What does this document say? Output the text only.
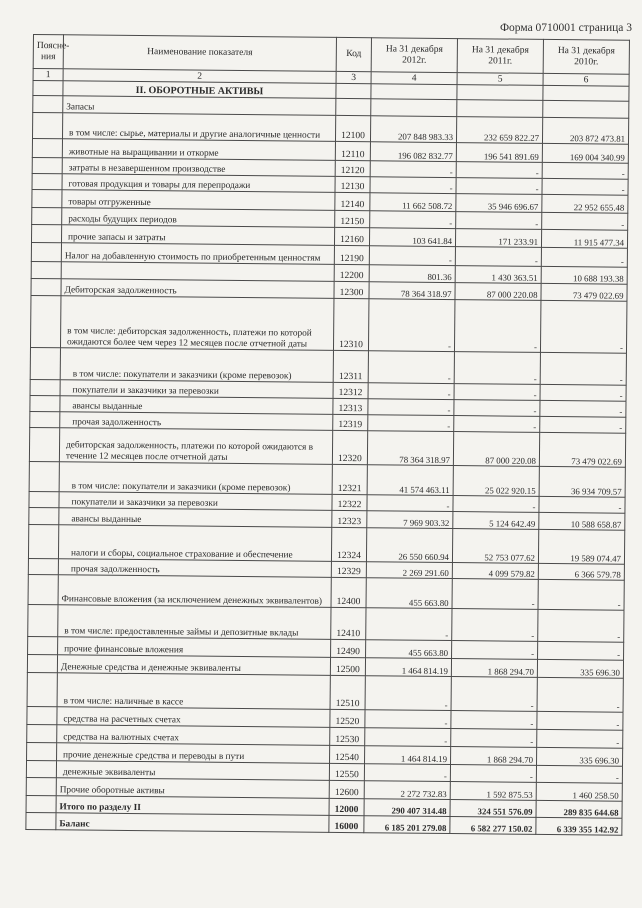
Форма 0710001 страница 3
Поясне-ния	Наименование показателя	Код	На 31 декабря 2012г.	На 31 декабря 2011г.	На 31 декабря 2010г.
1	2	3	4	5	6
	II. ОБОРОТНЫЕ АКТИВЫ				
	Запасы				
	в том числе: сырье, материалы и другие аналогичные ценности	12100	207 848 983.33	232 659 822.27	203 872 473.81
	животные на выращивании и откорме	12110	196 082 832.77	196 541 891.69	169 004 340.99
	затраты в незавершенном производстве	12120	-	-	-
	готовая продукция и товары для перепродажи	12130	-	-	-
	товары отгруженные	12140	11 662 508.72	35 946 696.67	22 952 655.48
	расходы будущих периодов	12150	-	-	-
	прочие запасы и затраты	12160	103 641.84	171 233.91	11 915 477.34
	Налог на добавленную стоимость по приобретенным ценностям	12190	-	-	-
		12200	801.36	1 430 363.51	10 688 193.38
	Дебиторская задолженность	12300	78 364 318.97	87 000 220.08	73 479 022.69
	в том числе: дебиторская задолженность, платежи по которой ожидаются более чем через 12 месяцев после отчетной даты	12310	-	-	-
	в том числе: покупатели и заказчики (кроме перевозок)	12311	-	-	-
	покупатели и заказчики за перевозки	12312	-	-	-
	авансы выданные	12313	-	-	-
	прочая задолженность	12319	-	-	-
	дебиторская задолженность, платежи по которой ожидаются в течение 12 месяцев после отчетной даты	12320	78 364 318.97	87 000 220.08	73 479 022.69
	в том числе: покупатели и заказчики (кроме перевозок)	12321	41 574 463.11	25 022 920.15	36 934 709.57
	покупатели и заказчики за перевозки	12322	-	-	-
	авансы выданные	12323	7 969 903.32	5 124 642.49	10 588 658.87
	налоги и сборы, социальное страхование и обеспечение	12324	26 550 660.94	52 753 077.62	19 589 074.47
	прочая задолженность	12329	2 269 291.60	4 099 579.82	6 366 579.78
	Финансовые вложения (за исключением денежных эквивалентов)	12400	455 663.80	-	-
	в том числе: предоставленные займы и депозитные вклады	12410	-	-	-
	прочие финансовые вложения	12490	455 663.80	-	-
	Денежные средства и денежные эквиваленты	12500	1 464 814.19	1 868 294.70	335 696.30
	в том числе: наличные в кассе	12510	-	-	-
	средства на расчетных счетах	12520	-	-	-
	средства на валютных счетах	12530	-	-	-
	прочие денежные средства и переводы в пути	12540	1 464 814.19	1 868 294.70	335 696.30
	денежные эквиваленты	12550	-	-	-
	Прочие оборотные активы	12600	2 272 732.83	1 592 875.53	1 460 258.50
	Итого по разделу II	12000	290 407 314.48	324 551 576.09	289 835 644.68
	Баланс	16000	6 185 201 279.08	6 582 277 150.02	6 339 355 142.92
